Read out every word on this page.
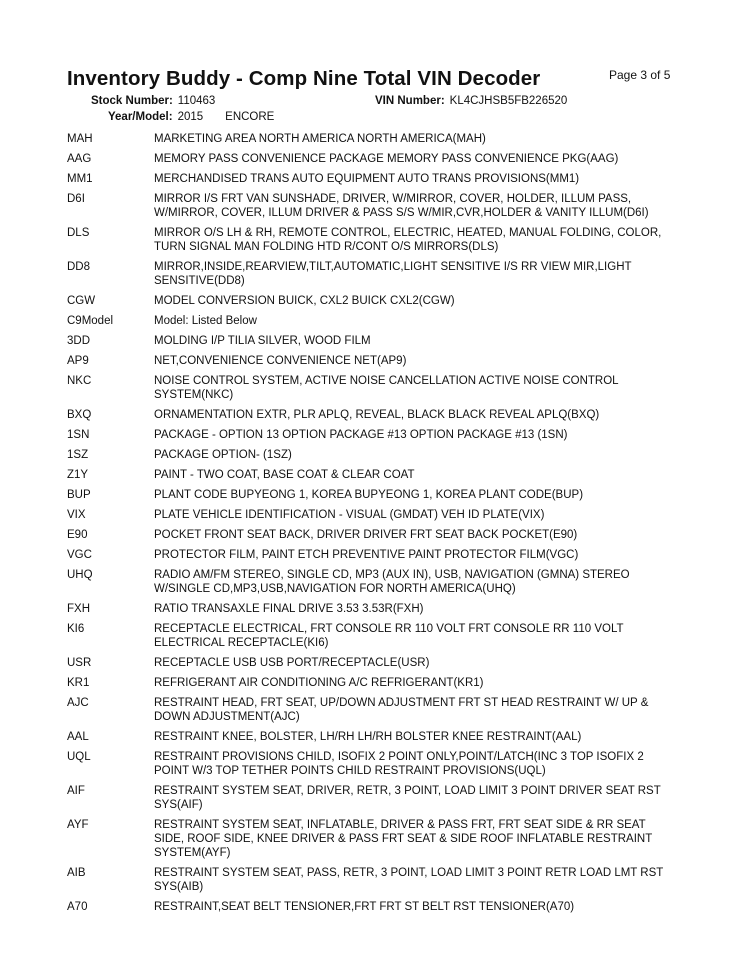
Inventory Buddy - Comp Nine Total VIN Decoder	Page 3 of 5
Stock Number: 110463	VIN Number: KL4CJHSB5FB226520
Year/Model: 2015 ENCORE
MAH	MARKETING AREA NORTH AMERICA NORTH AMERICA(MAH)
AAG	MEMORY PASS CONVENIENCE PACKAGE MEMORY PASS CONVENIENCE PKG(AAG)
MM1	MERCHANDISED TRANS AUTO EQUIPMENT AUTO TRANS PROVISIONS(MM1)
D6I	MIRROR I/S FRT VAN SUNSHADE, DRIVER, W/MIRROR, COVER, HOLDER, ILLUM PASS, W/MIRROR, COVER, ILLUM DRIVER & PASS S/S W/MIR,CVR,HOLDER & VANITY ILLUM(D6I)
DLS	MIRROR O/S LH & RH, REMOTE CONTROL, ELECTRIC, HEATED, MANUAL FOLDING, COLOR, TURN SIGNAL MAN FOLDING HTD R/CONT O/S MIRRORS(DLS)
DD8	MIRROR,INSIDE,REARVIEW,TILT,AUTOMATIC,LIGHT SENSITIVE I/S RR VIEW MIR,LIGHT SENSITIVE(DD8)
CGW	MODEL CONVERSION BUICK, CXL2 BUICK CXL2(CGW)
C9Model	Model: Listed Below
3DD	MOLDING I/P TILIA SILVER, WOOD FILM
AP9	NET,CONVENIENCE CONVENIENCE NET(AP9)
NKC	NOISE CONTROL SYSTEM, ACTIVE NOISE CANCELLATION ACTIVE NOISE CONTROL SYSTEM(NKC)
BXQ	ORNAMENTATION EXTR, PLR APLQ, REVEAL, BLACK BLACK REVEAL APLQ(BXQ)
1SN	PACKAGE - OPTION 13 OPTION PACKAGE #13 OPTION PACKAGE #13 (1SN)
1SZ	PACKAGE OPTION- (1SZ)
Z1Y	PAINT - TWO COAT, BASE COAT & CLEAR COAT
BUP	PLANT CODE BUPYEONG 1, KOREA BUPYEONG 1, KOREA PLANT CODE(BUP)
VIX	PLATE VEHICLE IDENTIFICATION - VISUAL (GMDAT) VEH ID PLATE(VIX)
E90	POCKET FRONT SEAT BACK, DRIVER DRIVER FRT SEAT BACK POCKET(E90)
VGC	PROTECTOR FILM, PAINT ETCH PREVENTIVE PAINT PROTECTOR FILM(VGC)
UHQ	RADIO AM/FM STEREO, SINGLE CD, MP3 (AUX IN), USB, NAVIGATION (GMNA) STEREO W/SINGLE CD,MP3,USB,NAVIGATION FOR NORTH AMERICA(UHQ)
FXH	RATIO TRANSAXLE FINAL DRIVE 3.53 3.53R(FXH)
KI6	RECEPTACLE ELECTRICAL, FRT CONSOLE RR 110 VOLT FRT CONSOLE RR 110 VOLT ELECTRICAL RECEPTACLE(KI6)
USR	RECEPTACLE USB USB PORT/RECEPTACLE(USR)
KR1	REFRIGERANT AIR CONDITIONING A/C REFRIGERANT(KR1)
AJC	RESTRAINT HEAD, FRT SEAT, UP/DOWN ADJUSTMENT FRT ST HEAD RESTRAINT W/ UP & DOWN ADJUSTMENT(AJC)
AAL	RESTRAINT KNEE, BOLSTER, LH/RH LH/RH BOLSTER KNEE RESTRAINT(AAL)
UQL	RESTRAINT PROVISIONS CHILD, ISOFIX 2 POINT ONLY,POINT/LATCH(INC 3 TOP ISOFIX 2 POINT W/3 TOP TETHER POINTS CHILD RESTRAINT PROVISIONS(UQL)
AIF	RESTRAINT SYSTEM SEAT, DRIVER, RETR, 3 POINT, LOAD LIMIT 3 POINT DRIVER SEAT RST SYS(AIF)
AYF	RESTRAINT SYSTEM SEAT, INFLATABLE, DRIVER & PASS FRT, FRT SEAT SIDE & RR SEAT SIDE, ROOF SIDE, KNEE DRIVER & PASS FRT SEAT & SIDE ROOF INFLATABLE RESTRAINT SYSTEM(AYF)
AIB	RESTRAINT SYSTEM SEAT, PASS, RETR, 3 POINT, LOAD LIMIT 3 POINT RETR LOAD LMT RST SYS(AIB)
A70	RESTRAINT,SEAT BELT TENSIONER,FRT FRT ST BELT RST TENSIONER(A70)
